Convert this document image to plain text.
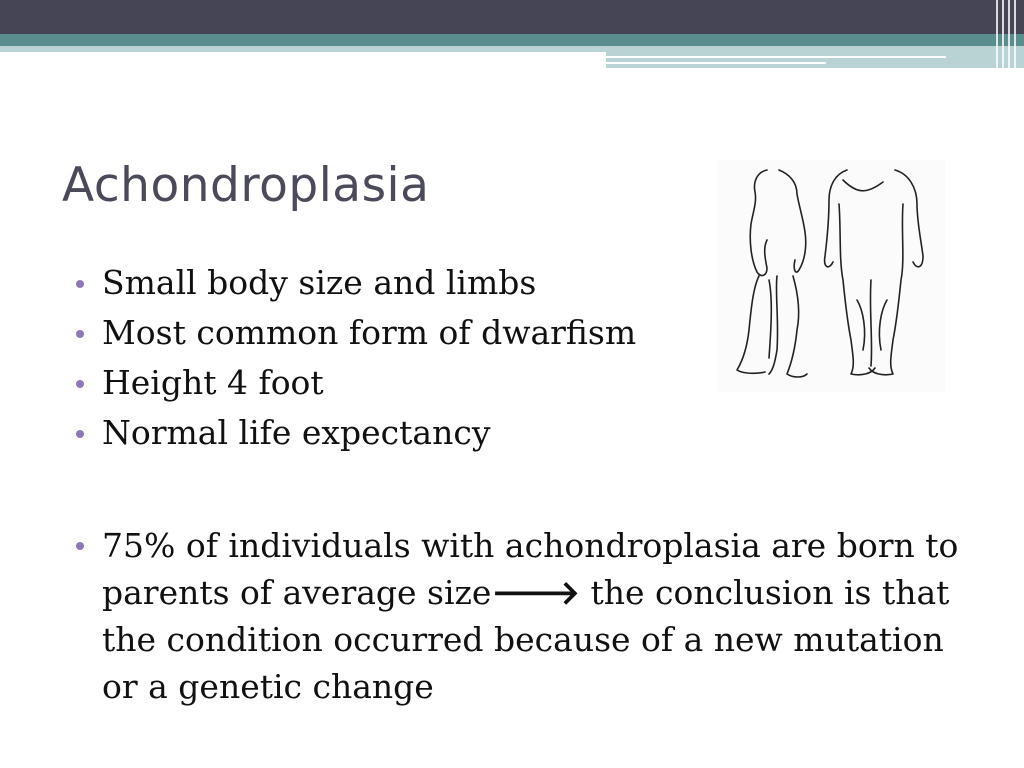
Achondroplasia
Small body size and limbs
Most common form of dwarfism
Height 4 foot
Normal life expectancy
75% of individuals with achondroplasia are born to parents of average size🡒 the conclusion is that the condition occurred because of a new mutation or a genetic change
